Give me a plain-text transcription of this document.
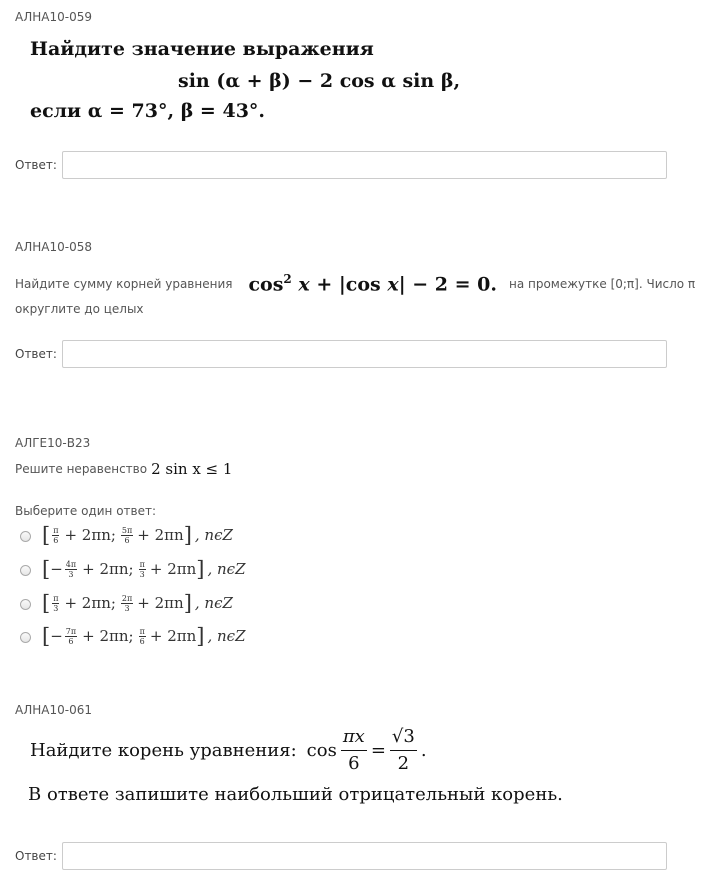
АЛНА10-059
Найдите значение выражения
sin (α + β) − 2 cos α sin β,
если α = 73°, β = 43°.
Ответ:
АЛНА10-058
Найдите сумму корней уравнения $\cos^2 x + |\cos$ x| − 2 = 0. на промежутке [0;π]. Число π
округлите до целых
Ответ:
АЛГЕ10-В23
Решите неравенство 2 sin x ≤ 1
Выберите один ответ:
[ π
6 + 2πn; 5π
6 + 2πn ] , nϵZ
[ − $\frac{4\pi}{3} + 2\pi n$; π
3 + 2πn ] , nϵZ
[ π
3 + 2πn; 2π
3 + 2πn ] , nϵZ
[ − $\frac{7\pi}{6} + 2\pi n$; π
6 + 2πn ] , nϵZ
АЛНА10-061
Найдите корень уравнения: $\cos \frac{\pi x}{6} = \frac{√3}{2}$ .
В ответе запишите наибольший отрицательный корень.
Ответ:
